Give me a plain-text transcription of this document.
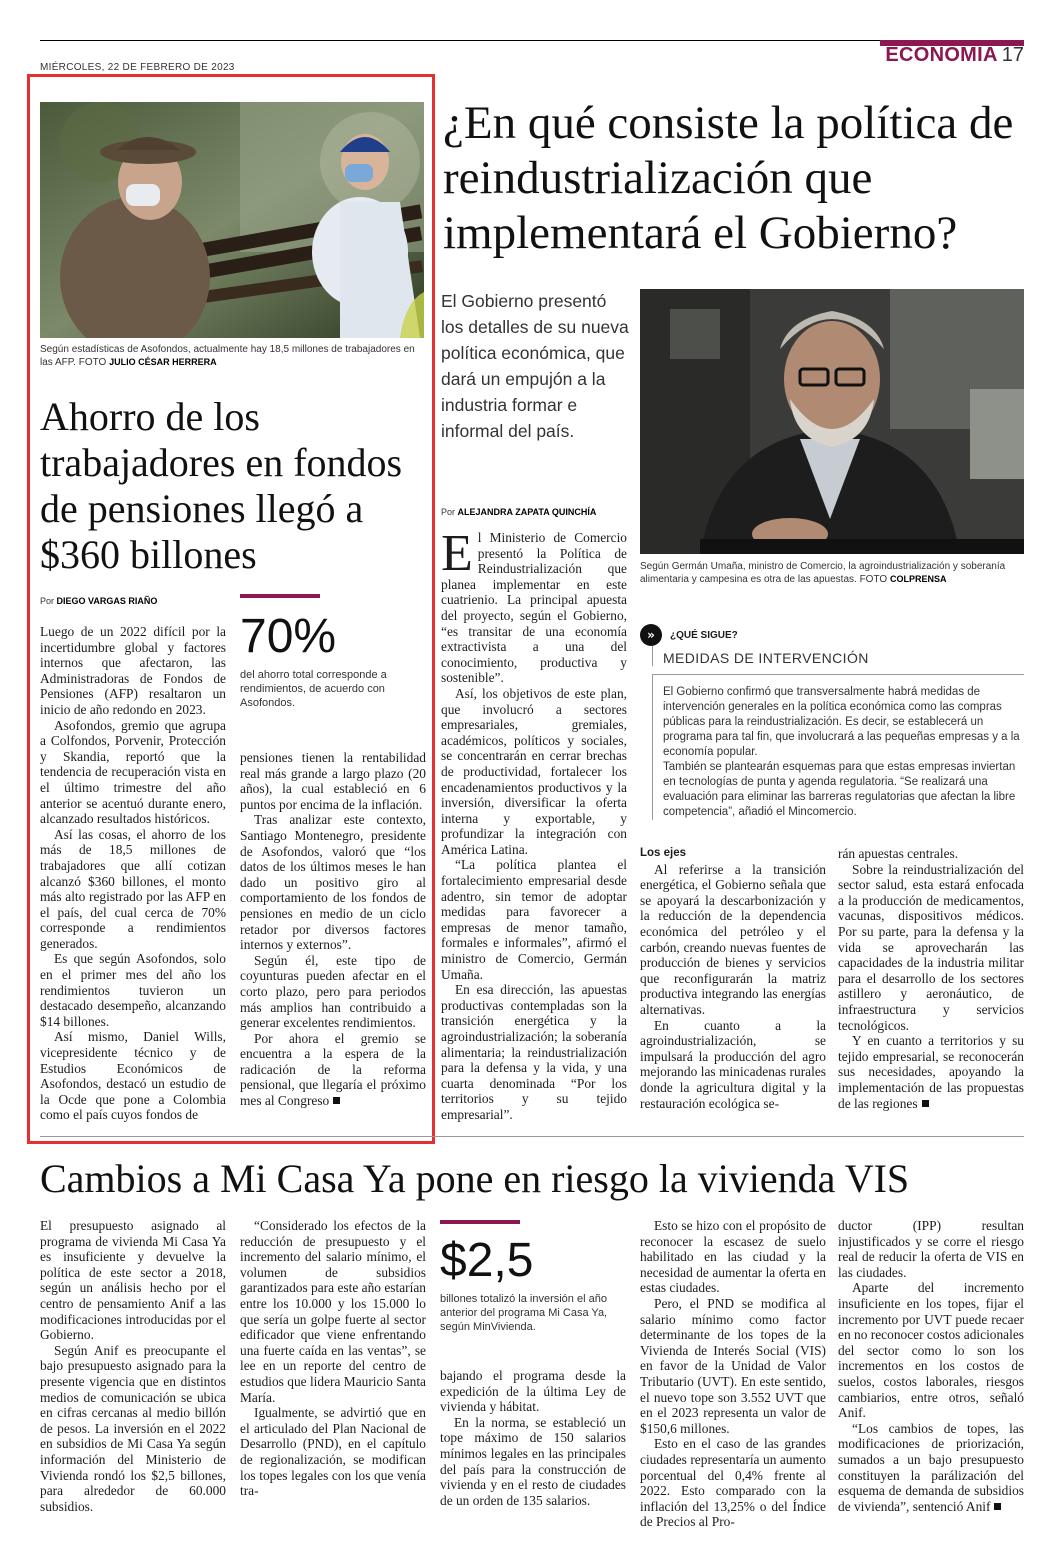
MIÉRCOLES, 22 DE FEBRERO DE 2023
ECONOMÍA 17
Según estadísticas de Asofondos, actualmente hay 18,5 millones de trabajadores en las AFP. FOTO JULIO CÉSAR HERRERA
Ahorro de los trabajadores en fondos de pensiones llegó a $360 billones
Por DIEGO VARGAS RIAÑO
70%
del ahorro total corresponde a rendimientos, de acuerdo con Asofondos.

Luego de un 2022 difícil por la incertidumbre global y factores internos que afectaron, las Administradoras de Fondos de Pensiones (AFP) resaltaron un inicio de año redondo en 2023.

Asofondos, gremio que agrupa a Colfondos, Porvenir, Protección y Skandia, reportó que la tendencia de recuperación vista en el último trimestre del año anterior se acentuó durante enero, alcanzado resultados históricos.

Así las cosas, el ahorro de los más de 18,5 millones de trabajadores que allí cotizan alcanzó $360 billones, el monto más alto registrado por las AFP en el país, del cual cerca de 70% corresponde a rendimientos generados.

Es que según Asofondos, solo en el primer mes del año los rendimientos tuvieron un destacado desempeño, alcanzando $14 billones.

Así mismo, Daniel Wills, vicepresidente técnico y de Estudios Económicos de Asofondos, destacó un estudio de la Ocde que pone a Colombia como el país cuyos fondos de

pensiones tienen la rentabilidad real más grande a largo plazo (20 años), la cual estableció en 6 puntos por encima de la inflación.

Tras analizar este contexto, Santiago Montenegro, presidente de Asofondos, valoró que “los datos de los últimos meses le han dado un positivo giro al comportamiento de los fondos de pensiones en medio de un ciclo retador por diversos factores internos y externos”.

Según él, este tipo de coyunturas pueden afectar en el corto plazo, pero para periodos más amplios han contribuido a generar excelentes rendimientos.

Por ahora el gremio se encuentra a la espera de la radicación de la reforma pensional, que llegaría el próximo mes al Congreso

¿En qué consiste la política de reindustrialización que implementará el Gobierno?
El Gobierno presentó los detalles de su nueva política económica, que dará un empujón a la industria formar e informal del país.
Según Germán Umaña, ministro de Comercio, la agroindustrialización y soberanía alimentaria y campesina es otra de las apuestas. FOTO COLPRENSA
Por ALEJANDRA ZAPATA QUINCHÍA

El Ministerio de Comercio presentó la Política de Reindustrialización que planea implementar en este cuatrienio. La principal apuesta del proyecto, según el Gobierno, “es transitar de una economía extractivista a una del conocimiento, productiva y sostenible”.

Así, los objetivos de este plan, que involucró a sectores empresariales, gremiales, académicos, políticos y sociales, se concentrarán en cerrar brechas de productividad, fortalecer los encadenamientos productivos y la inversión, diversificar la oferta interna y exportable, y profundizar la integración con América Latina.

“La política plantea el fortalecimiento empresarial desde adentro, sin temor de adoptar medidas para favorecer a empresas de menor tamaño, formales e informales”, afirmó el ministro de Comercio, Germán Umaña.

En esa dirección, las apuestas productivas contempladas son la transición energética y la agroindustrialización; la soberanía alimentaria; la reindustrialización para la defensa y la vida, y una cuarta denominada “Por los territorios y su tejido empresarial”.

»	¿QUÉ SIGUE?
MEDIDAS DE INTERVENCIÓN

El Gobierno confirmó que transversalmente habrá medidas de intervención generales en la política económica como las compras públicas para la reindustrialización. Es decir, se establecerá un programa para tal fin, que involucrará a las pequeñas empresas y a la economía popular.

También se plantearán esquemas para que estas empresas inviertan en tecnologías de punta y agenda regulatoria. “Se realizará una evaluación para eliminar las barreras regulatorias que afectan la libre competencia”, añadió el Mincomercio.

Los ejes

Al referirse a la transición energética, el Gobierno señala que se apoyará la descarbonización y la reducción de la dependencia económica del petróleo y el carbón, creando nuevas fuentes de producción de bienes y servicios que reconfigurarán la matriz productiva integrando las energías alternativas.

En cuanto a la agroindustrialización, se impulsará la producción del agro mejorando las minicadenas rurales donde la agricultura digital y la restauración ecológica se-

rán apuestas centrales.

Sobre la reindustrialización del sector salud, esta estará enfocada a la producción de medicamentos, vacunas, dispositivos médicos. Por su parte, para la defensa y la vida se aprovecharán las capacidades de la industria militar para el desarrollo de los sectores astillero y aeronáutico, de infraestructura y servicios tecnológicos.

Y en cuanto a territorios y su tejido empresarial, se reconocerán sus necesidades, apoyando la implementación de las propuestas de las regiones

Cambios a Mi Casa Ya pone en riesgo la vivienda VIS

El presupuesto asignado al programa de vivienda Mi Casa Ya es insuficiente y devuelve la política de este sector a 2018, según un análisis hecho por el centro de pensamiento Anif a las modificaciones introducidas por el Gobierno.

Según Anif es preocupante el bajo presupuesto asignado para la presente vigencia que en distintos medios de comunicación se ubica en cifras cercanas al medio billón de pesos. La inversión en el 2022 en subsidios de Mi Casa Ya según información del Ministerio de Vivienda rondó los $2,5 billones, para alrededor de 60.000 subsidios.

“Considerado los efectos de la reducción de presupuesto y el incremento del salario mínimo, el volumen de subsidios garantizados para este año estarían entre los 10.000 y los 15.000 lo que sería un golpe fuerte al sector edificador que viene enfrentando una fuerte caída en las ventas”, se lee en un reporte del centro de estudios que lidera Mauricio Santa María.

Igualmente, se advirtió que en el articulado del Plan Nacional de Desarrollo (PND), en el capítulo de regionalización, se modifican los topes legales con los que venía tra-

$2,5
billones totalizó la inversión el año anterior del programa Mi Casa Ya, según MinVivienda.

bajando el programa desde la expedición de la última Ley de vivienda y hábitat.

En la norma, se estableció un tope máximo de 150 salarios mínimos legales en las principales del país para la construcción de vivienda y en el resto de ciudades de un orden de 135 salarios.

Esto se hizo con el propósito de reconocer la escasez de suelo habilitado en las ciudad y la necesidad de aumentar la oferta en estas ciudades.

Pero, el PND se modifica al salario mínimo como factor determinante de los topes de la Vivienda de Interés Social (VIS) en favor de la Unidad de Valor Tributario (UVT). En este sentido, el nuevo tope son 3.552 UVT que en el 2023 representa un valor de $150,6 millones.

Esto en el caso de las grandes ciudades representaría un aumento porcentual del 0,4% frente al 2022. Esto comparado con la inflación del 13,25% o del Índice de Precios al Pro-

ductor (IPP) resultan injustificados y se corre el riesgo real de reducir la oferta de VIS en las ciudades.

Aparte del incremento insuficiente en los topes, fijar el incremento por UVT puede recaer en no reconocer costos adicionales del sector como lo son los incrementos en los costos de suelos, costos laborales, riesgos cambiarios, entre otros, señaló Anif.

“Los cambios de topes, las modificaciones de priorización, sumados a un bajo presupuesto constituyen la parálización del esquema de demanda de subsidios de vivienda”, sentenció Anif
